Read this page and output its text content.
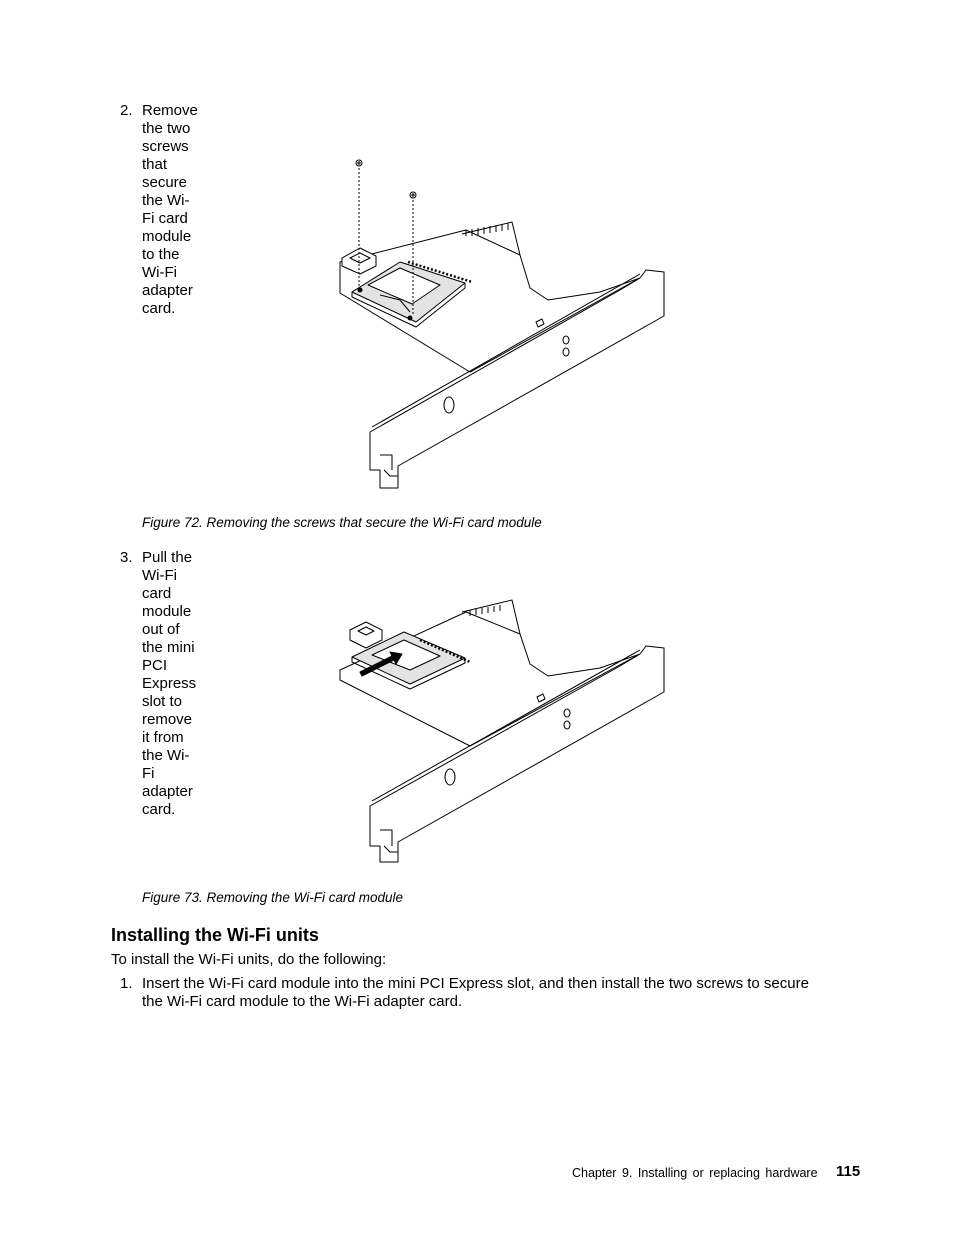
2. Remove the two screws that secure the Wi-Fi card module to the Wi-Fi adapter card.
Figure 72. Removing the screws that secure the Wi-Fi card module
3. Pull the Wi-Fi card module out of the mini PCI Express slot to remove it from the Wi-Fi adapter card.
Figure 73. Removing the Wi-Fi card module
Installing the Wi-Fi units
To install the Wi-Fi units, do the following:
1. Insert the Wi-Fi card module into the mini PCI Express slot, and then install the two screws to secure
the Wi-Fi card module to the Wi-Fi adapter card.
Chapter 9. Installing or replacing hardware 115
